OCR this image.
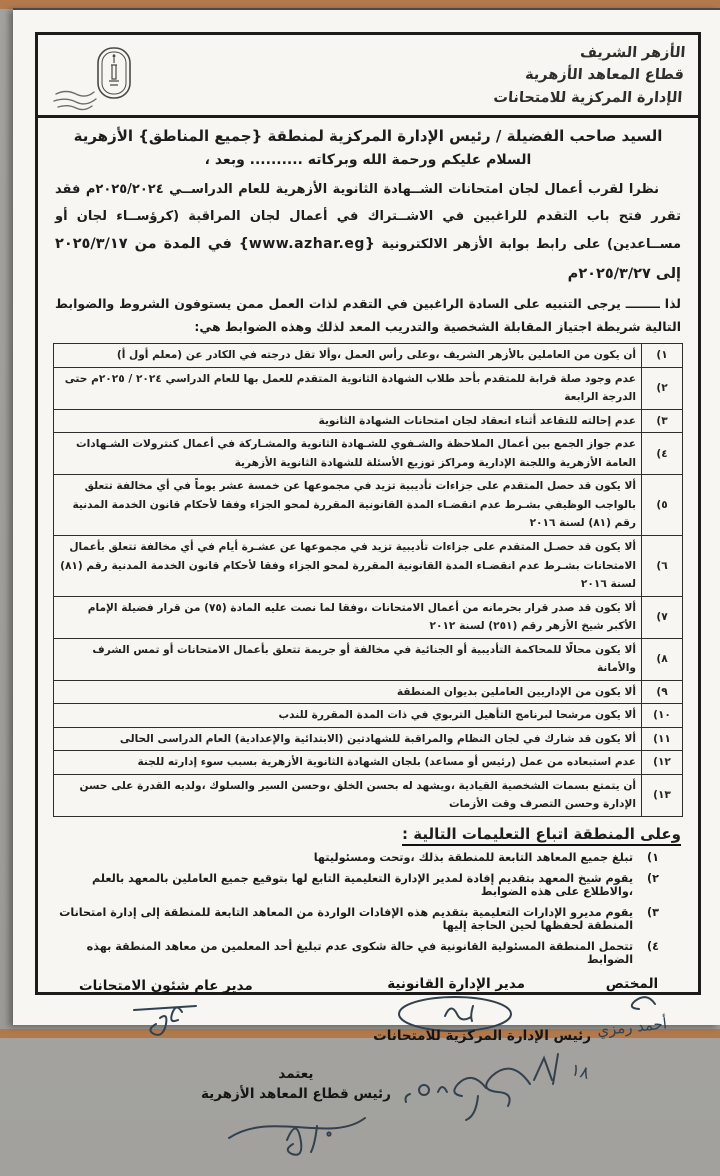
الأزهر الشريف
قطاع المعاهد الأزهرية
الإدارة المركزية للامتحانات
السيد صاحب الفضيلة / رئيس الإدارة المركزية لمنطقة {جميع المناطق} الأزهرية
السلام عليكم ورحمة الله وبركاته .......... وبعد ،

نظرا لقرب أعمال لجان امتحانات الشــهادة الثانوية الأزهرية للعام الدراســي ٢٠٢٥/٢٠٢٤م فقد تقرر فتح باب التقدم للراغبين في الاشــتراك في أعمال لجان المراقبة (كرؤســاء لجان أو مســاعدين) على رابط بوابة الأزهر الالكترونية {www.azhar.eg} في المدة من ٢٠٢٥/٣/١٧ إلى ٢٠٢٥/٣/٢٧م

لذا ــــــــ يرجى التنبيه على السادة الراغبين في التقدم لذات العمل ممن يستوفون الشروط والضوابط التالية شريطة اجتياز المقابلة الشخصية والتدريب المعد لذلك وهذه الضوابط هي:

١)	أن يكون من العاملين بالأزهر الشريف ،وعلى رأس العمل ،وألا تقل درجته في الكادر عن (معلم أول أ)
٢)	عدم وجود صلة قرابة للمتقدم بأحد طلاب الشهادة الثانوية المتقدم للعمل بها للعام الدراسي ٢٠٢٤ / ٢٠٢٥م حتى الدرجة الرابعة
٣)	عدم إحالته للتقاعد أثناء انعقاد لجان امتحانات الشهادة الثانوية
٤)	عدم جواز الجمع بين أعمال الملاحظة والشـفوي للشـهادة الثانوية والمشـاركة في أعمال كنترولات الشـهادات العامة الأزهرية واللجنة الإدارية ومراكز توزيع الأسئلة للشهادة الثانوية الأزهرية
٥)	ألا يكون قد حصل المتقدم على جزاءات تأديبية تزيد في مجموعها عن خمسة عشر يوماً في أي مخالفة تتعلق بالواجب الوظيفي بشـرط عدم انقضـاء المدة القانونية المقررة لمحو الجزاء وفقا لأحكام قانون الخدمة المدنية رقم (٨١) لسنة ٢٠١٦
٦)	ألا يكون قد حصـل المتقدم على جزاءات تأديبية تزيد في مجموعها عن عشـرة أيام في أي مخالفة تتعلق بأعمال الامتحانات بشـرط عدم انقضـاء المدة القانونية المقررة لمحو الجزاء وفقا لأحكام قانون الخدمة المدنية رقم (٨١) لسنة ٢٠١٦
٧)	ألا يكون قد صدر قرار بحرمانه من أعمال الامتحانات ،وفقا لما نصت عليه المادة (٧٥) من قرار فضيلة الإمام الأكبر شيخ الأزهر رقم (٢٥١) لسنة ٢٠١٢
٨)	ألا يكون محالًا للمحاكمة التأديبية أو الجنائية في مخالفة أو جريمة تتعلق بأعمال الامتحانات أو تمس الشرف والأمانة
٩)	ألا يكون من الإداريين العاملين بديوان المنطقة
١٠)	ألا يكون مرشحا لبرنامج التأهيل التربوي في ذات المدة المقررة للندب
١١)	ألا يكون قد شارك في لجان النظام والمراقبة للشهادتين (الابتدائية والإعدادية) العام الدراسى الحالى
١٢)	عدم استبعاده من عمل (رئيس أو مساعد) بلجان الشهادة الثانوية الأزهرية بسبب سوء إدارته للجنة
١٣)	أن يتمتع بسمات الشخصية القيادية ،ويشهد له بحسن الخلق ،وحسن السير والسلوك ،ولديه القدرة على حسن الإدارة وحسن التصرف وقت الأزمات
وعلى المنطقة اتباع التعليمات التالية :
١)
تبلغ جميع المعاهد التابعة للمنطقة بذلك ،وتحت ومسئوليتها
٢)
يقوم شيخ المعهد بتقديم إفادة لمدير الإدارة التعليمية التابع لها بتوقيع جميع العاملين بالمعهد بالعلم ،والاطلاع على هذه الضوابط
٣)
يقوم مديرو الإدارات التعليمية بتقديم هذه الإفادات الواردة من المعاهد التابعة للمنطقة إلى إدارة امتحانات المنطقة لحفظها لحين الحاجة إليها
٤)
تتحمل المنطقة المسئولية القانونية في حالة شكوى عدم تبليغ أحد المعلمين من معاهد المنطقة بهذه الضوابط
المختص
أحمد رمزي
مدير الإدارة القانونية
مدير عام شئون الامتحانات
رئيس الإدارة المركزية للامتحانات
١٨
يعتمد
رئيس قطاع المعاهد الأزهرية
